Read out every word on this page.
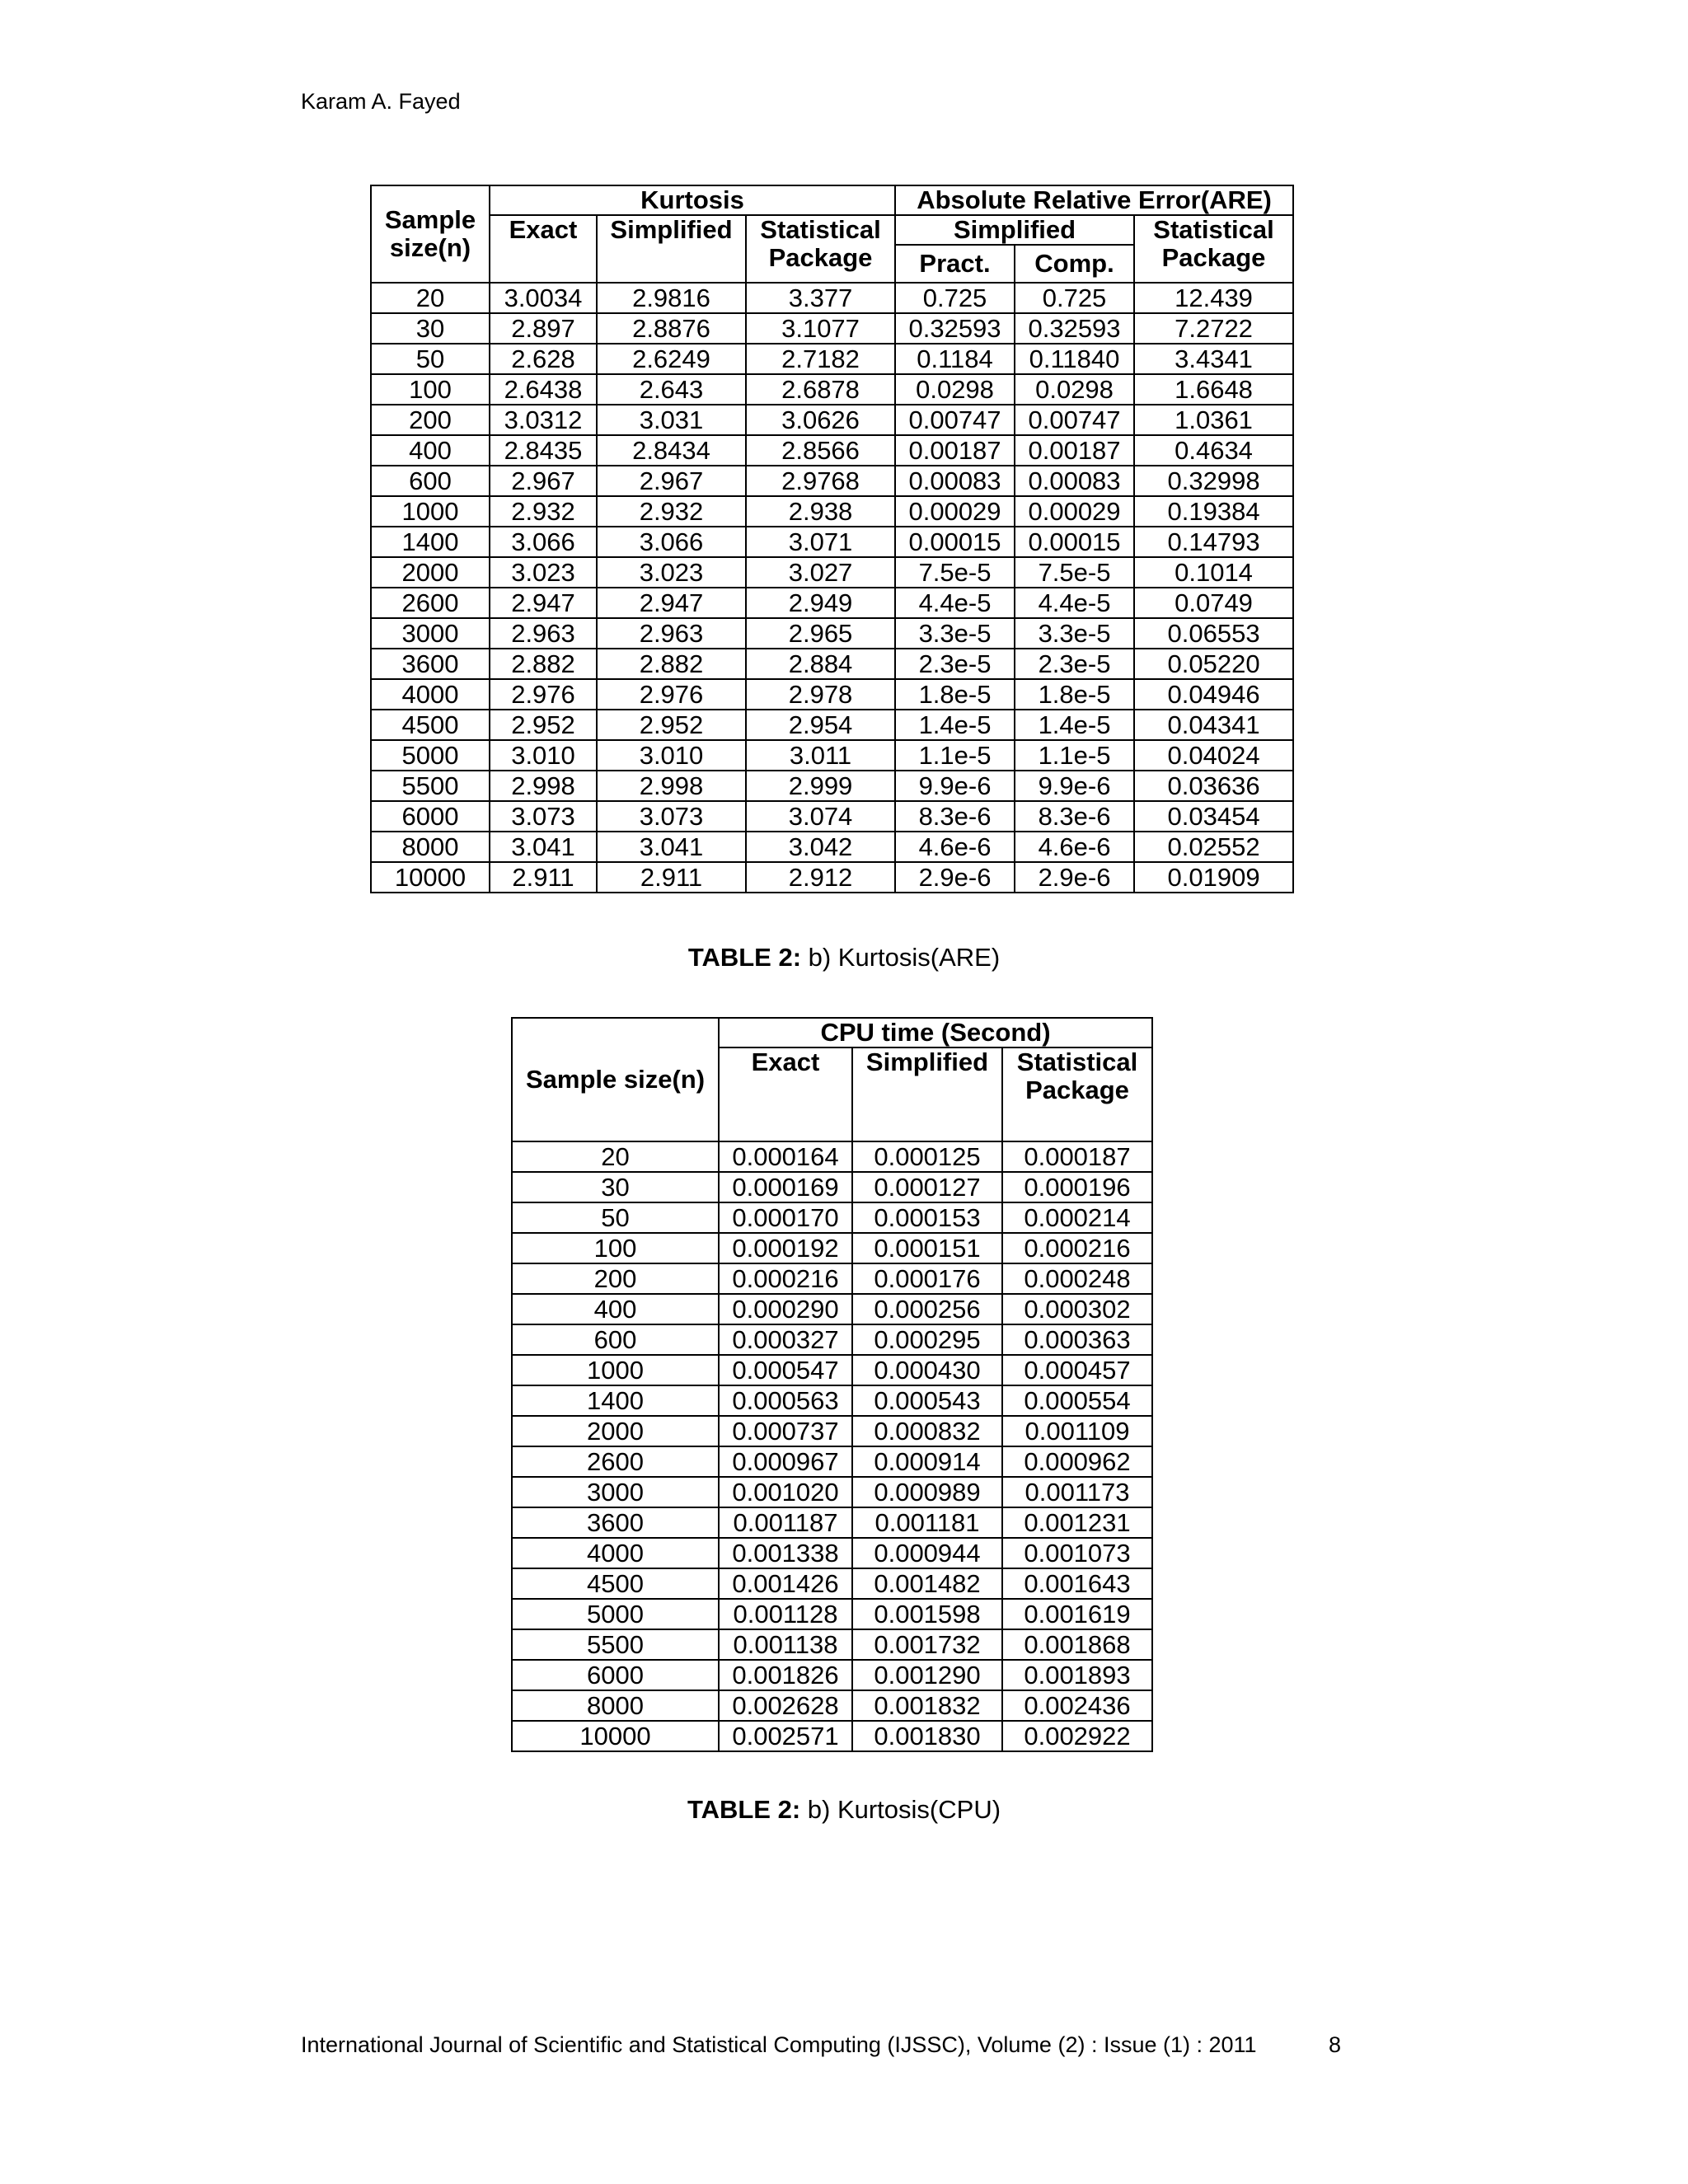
Karam A. Fayed
Sample size(n)	Kurtosis			Absolute Relative Error(ARE)		
	Exact	Simplified	Statistical Package	Simplified		Statistical Package
				Pract.	Comp.	
20	3.0034	2.9816	3.377	0.725	0.725	12.439
30	2.897	2.8876	3.1077	0.32593	0.32593	7.2722
50	2.628	2.6249	2.7182	0.1184	0.11840	3.4341
100	2.6438	2.643	2.6878	0.0298	0.0298	1.6648
200	3.0312	3.031	3.0626	0.00747	0.00747	1.0361
400	2.8435	2.8434	2.8566	0.00187	0.00187	0.4634
600	2.967	2.967	2.9768	0.00083	0.00083	0.32998
1000	2.932	2.932	2.938	0.00029	0.00029	0.19384
1400	3.066	3.066	3.071	0.00015	0.00015	0.14793
2000	3.023	3.023	3.027	7.5e-5	7.5e-5	0.1014
2600	2.947	2.947	2.949	4.4e-5	4.4e-5	0.0749
3000	2.963	2.963	2.965	3.3e-5	3.3e-5	0.06553
3600	2.882	2.882	2.884	2.3e-5	2.3e-5	0.05220
4000	2.976	2.976	2.978	1.8e-5	1.8e-5	0.04946
4500	2.952	2.952	2.954	1.4e-5	1.4e-5	0.04341
5000	3.010	3.010	3.011	1.1e-5	1.1e-5	0.04024
5500	2.998	2.998	2.999	9.9e-6	9.9e-6	0.03636
6000	3.073	3.073	3.074	8.3e-6	8.3e-6	0.03454
8000	3.041	3.041	3.042	4.6e-6	4.6e-6	0.02552
10000	2.911	2.911	2.912	2.9e-6	2.9e-6	0.01909
TABLE 2: b) Kurtosis(ARE)
Sample size(n)	CPU time (Second)		
	Exact	Simplified	Statistical Package
20	0.000164	0.000125	0.000187
30	0.000169	0.000127	0.000196
50	0.000170	0.000153	0.000214
100	0.000192	0.000151	0.000216
200	0.000216	0.000176	0.000248
400	0.000290	0.000256	0.000302
600	0.000327	0.000295	0.000363
1000	0.000547	0.000430	0.000457
1400	0.000563	0.000543	0.000554
2000	0.000737	0.000832	0.001109
2600	0.000967	0.000914	0.000962
3000	0.001020	0.000989	0.001173
3600	0.001187	0.001181	0.001231
4000	0.001338	0.000944	0.001073
4500	0.001426	0.001482	0.001643
5000	0.001128	0.001598	0.001619
5500	0.001138	0.001732	0.001868
6000	0.001826	0.001290	0.001893
8000	0.002628	0.001832	0.002436
10000	0.002571	0.001830	0.002922
TABLE 2: b) Kurtosis(CPU)
International Journal of Scientific and Statistical Computing (IJSSC), Volume (2) : Issue (1) : 2011	8
